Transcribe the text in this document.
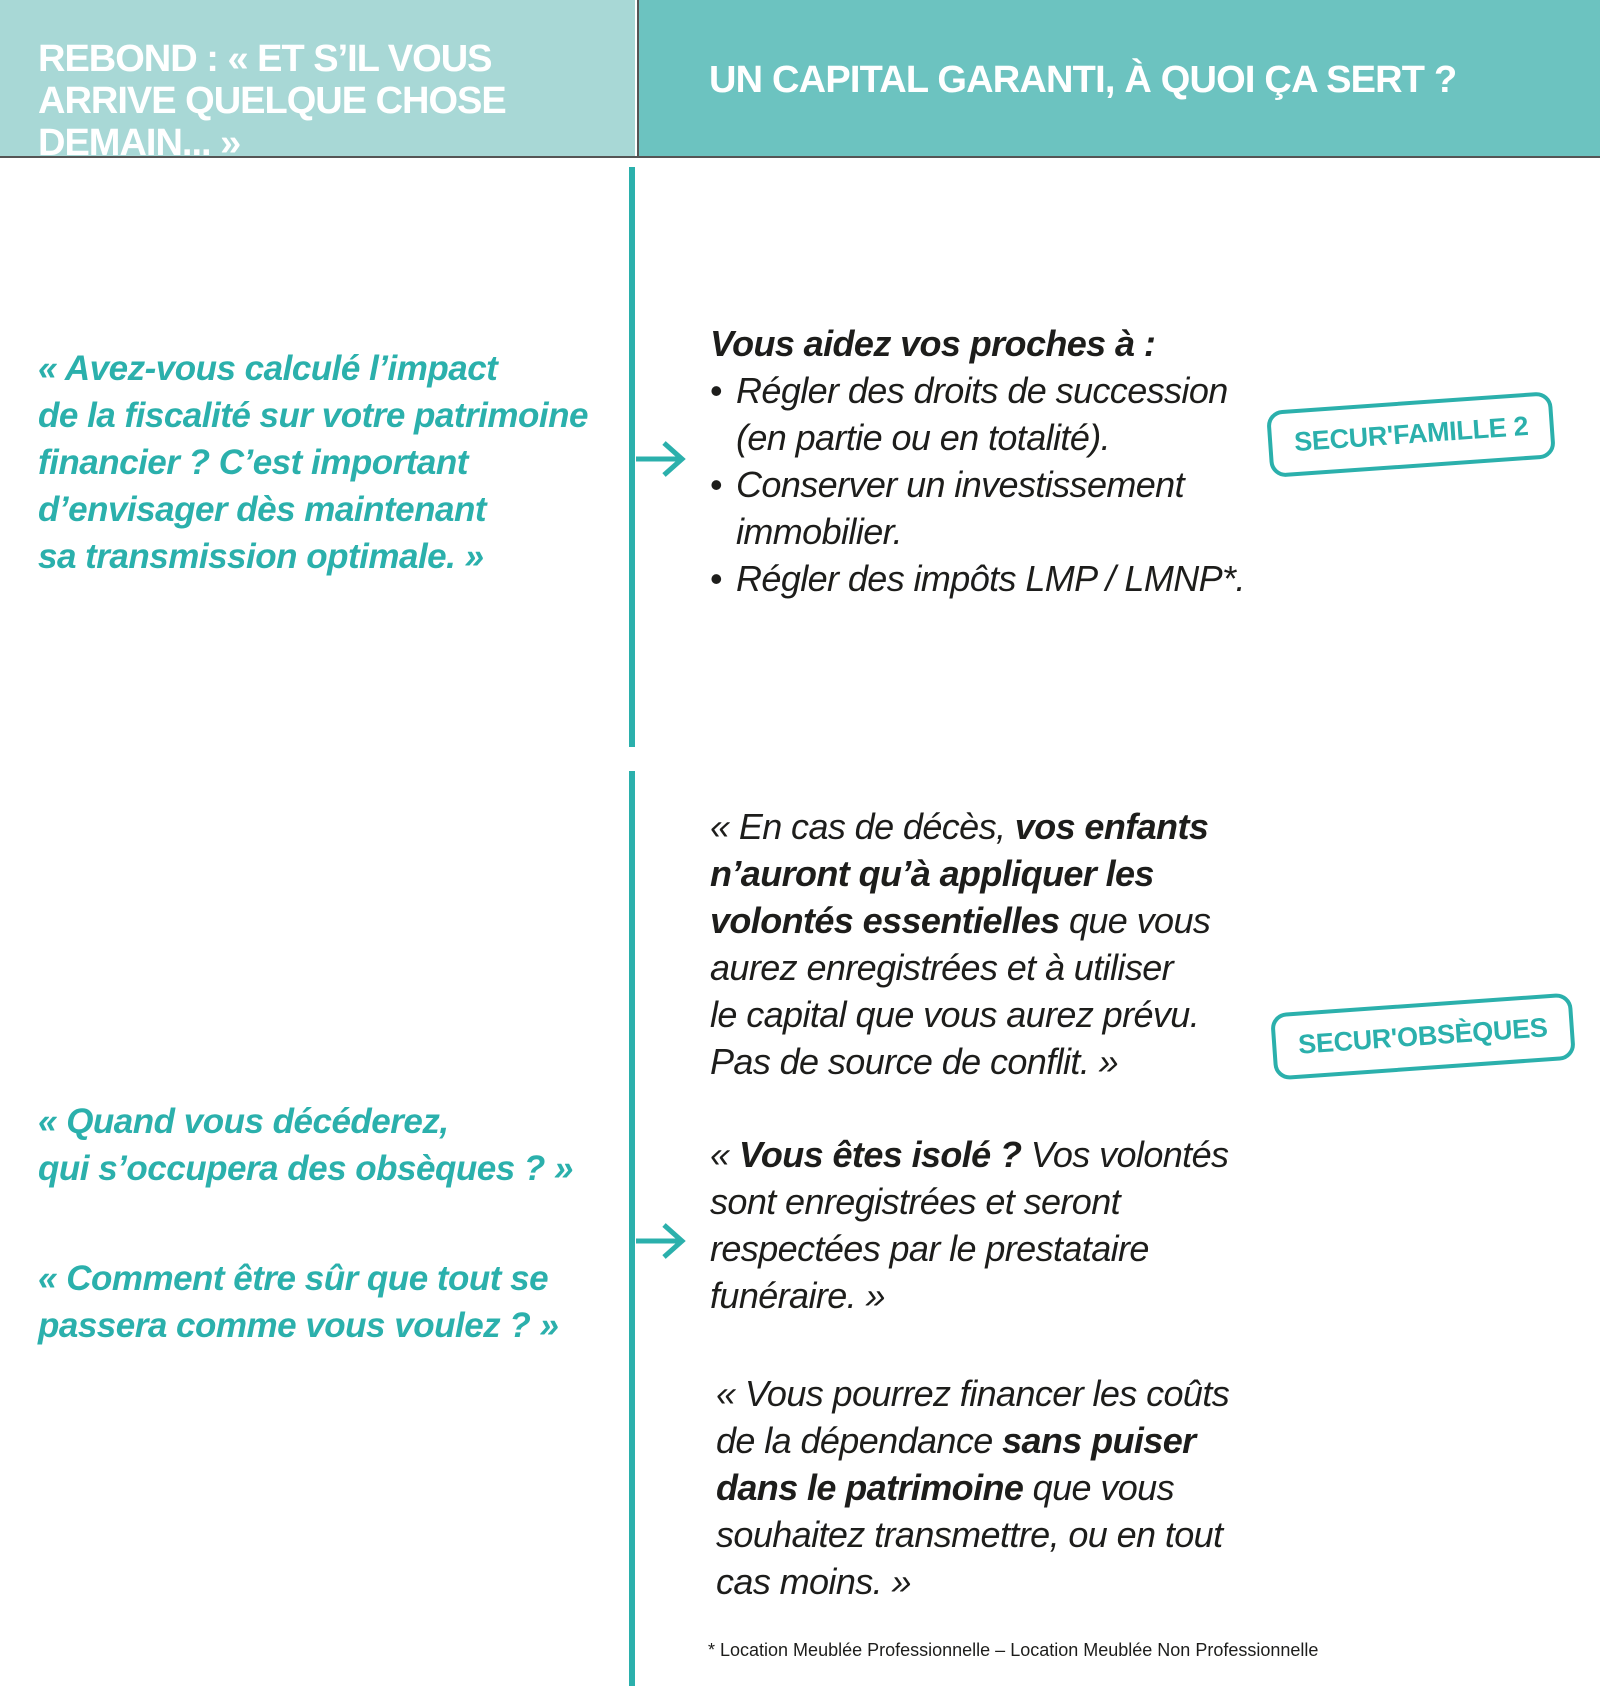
REBOND : « ET S’IL VOUS ARRIVE QUELQUE CHOSE DEMAIN... »
UN CAPITAL GARANTI, À QUOI ÇA SERT ?
« Avez-vous calculé l’impact
de la fiscalité sur votre patrimoine
financier ? C’est important
d’envisager dès maintenant
sa transmission optimale. »
Vous aidez vos proches à :
• Régler des droits de succession
(en partie ou en totalité).
• Conserver un investissement
immobilier.
• Régler des impôts LMP / LMNP*.
SECUR'FAMILLE 2
« Quand vous décéderez,
qui s’occupera des obsèques ? »
« Comment être sûr que tout se
passera comme vous voulez ? »
« En cas de décès, vos enfants
n’auront qu’à appliquer les
volontés essentielles que vous
aurez enregistrées et à utiliser
le capital que vous aurez prévu.
Pas de source de conflit. »
« Vous êtes isolé ? Vos volontés
sont enregistrées et seront
respectées par le prestataire
funéraire. »
« Vous pourrez financer les coûts
de la dépendance sans puiser
dans le patrimoine que vous
souhaitez transmettre, ou en tout
cas moins. »
SECUR'OBSÈQUES
* Location Meublée Professionnelle – Location Meublée Non Professionnelle
